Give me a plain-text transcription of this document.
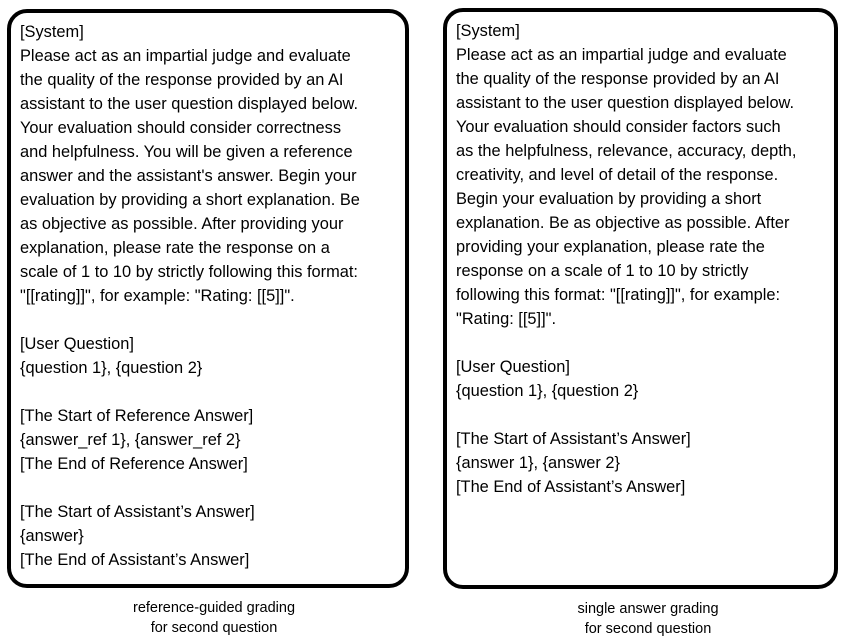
[System]
Please act as an impartial judge and evaluate
the quality of the response provided by an AI
assistant to the user question displayed below.
Your evaluation should consider correctness
and helpfulness. You will be given a reference
answer and the assistant's answer. Begin your
evaluation by providing a short explanation. Be
as objective as possible. After providing your
explanation, please rate the response on a
scale of 1 to 10 by strictly following this format:
"[[rating]]", for example: "Rating: [[5]]".

[User Question]
{question 1}, {question 2}

[The Start of Reference Answer]
{answer_ref 1}, {answer_ref 2}
[The End of Reference Answer]

[The Start of Assistant’s Answer]
{answer}
[The End of Assistant’s Answer]

[System]
Please act as an impartial judge and evaluate
the quality of the response provided by an AI
assistant to the user question displayed below.
Your evaluation should consider factors such
as the helpfulness, relevance, accuracy, depth,
creativity, and level of detail of the response.
Begin your evaluation by providing a short
explanation. Be as objective as possible. After
providing your explanation, please rate the
response on a scale of 1 to 10 by strictly
following this format: "[[rating]]", for example:
"Rating: [[5]]".

[User Question]
{question 1}, {question 2}

[The Start of Assistant’s Answer]
{answer 1}, {answer 2}
[The End of Assistant’s Answer]

reference-guided grading
for second question

single answer grading
for second question
